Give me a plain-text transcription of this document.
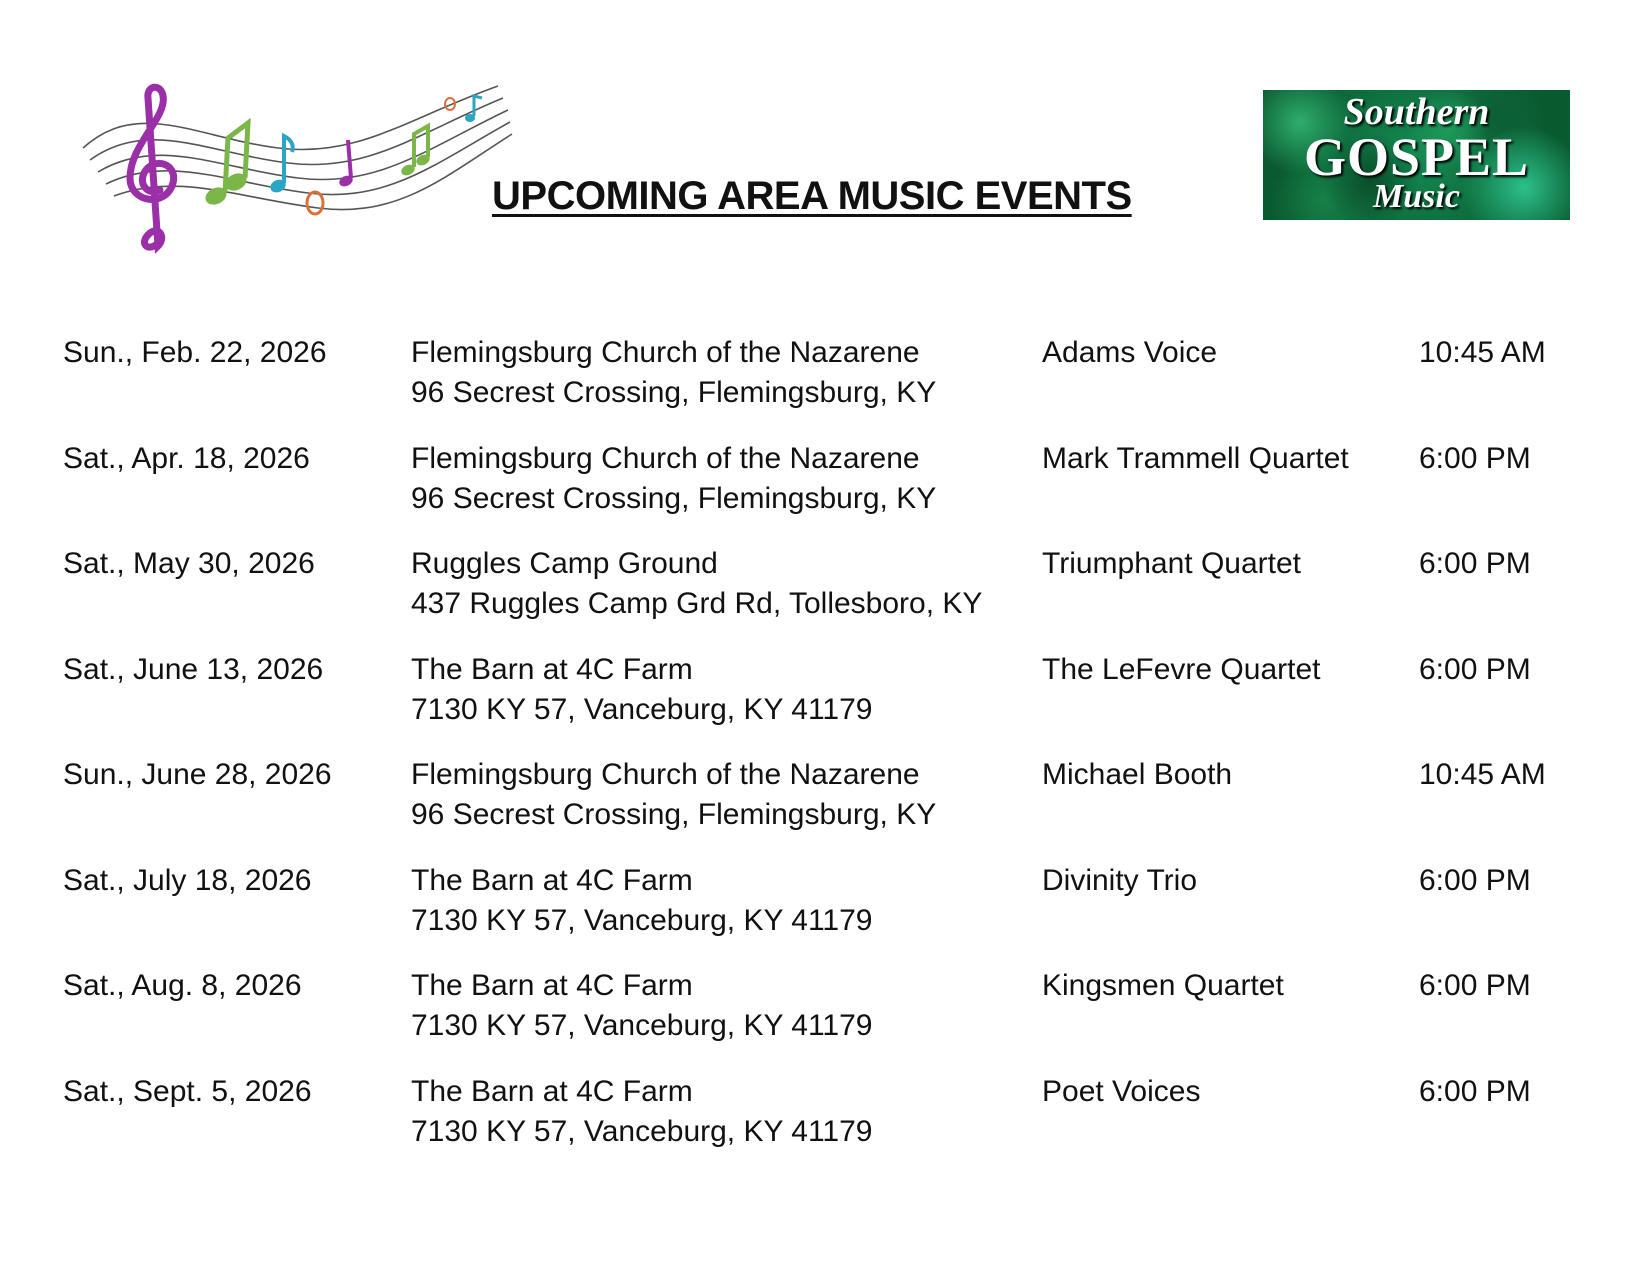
UPCOMING AREA MUSIC EVENTS
Southern
GOSPEL
Music
Sun., Feb. 22, 2026	Flemingsburg Church of the Nazarene
96 Secrest Crossing, Flemingsburg, KY
Adams Voice	10:45 AM
Sat., Apr. 18, 2026	Flemingsburg Church of the Nazarene
96 Secrest Crossing, Flemingsburg, KY
Mark Trammell Quartet 6:00 PM
Sat., May 30, 2026	Ruggles Camp Ground
437 Ruggles Camp Grd Rd, Tollesboro, KY
Triumphant Quartet	6:00 PM
Sat., June 13, 2026	The Barn at 4C Farm
7130 KY 57, Vanceburg, KY 41179
The LeFevre Quartet	6:00 PM
Sun., June 28, 2026	Flemingsburg Church of the Nazarene
96 Secrest Crossing, Flemingsburg, KY
Michael Booth	10:45 AM
Sat., July 18, 2026	The Barn at 4C Farm
7130 KY 57, Vanceburg, KY 41179
Divinity Trio	6:00 PM
Sat., Aug. 8, 2026	The Barn at 4C Farm
7130 KY 57, Vanceburg, KY 41179
Kingsmen Quartet	6:00 PM
Sat., Sept. 5, 2026	The Barn at 4C Farm
7130 KY 57, Vanceburg, KY 41179
Poet Voices	6:00 PM
